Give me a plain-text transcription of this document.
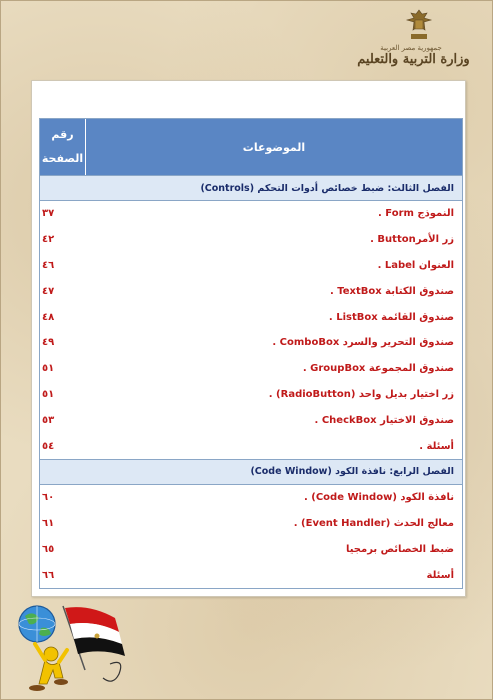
جمهورية مصر العربية
وزارة التربية والتعليم
الموضوعات
رقم
الصفحة
الفصل الثالث: ضبط خصائص أدوات التحكم (Controls)
النموذج Form .
٣٧
زر الأمرButton .
٤٢
العنوان Label .
٤٦
صندوق الكتابة TextBox .
٤٧
صندوق القائمة ListBox .
٤٨
صندوق التحرير والسرد ComboBox .
٤٩
صندوق المجموعة GroupBox .
٥١
زر اختيار بديل واحد (RadioButton) .
٥١
صندوق الاختيار CheckBox .
٥٣
أسئلة .
٥٤
الفصل الرابع: نافذة الكود (Code Window)
نافذة الكود (Code Window) .
٦٠
معالج الحدث (Event Handler) .
٦١
ضبط الخصائص برمجيا
٦٥
أسئلة
٦٦
